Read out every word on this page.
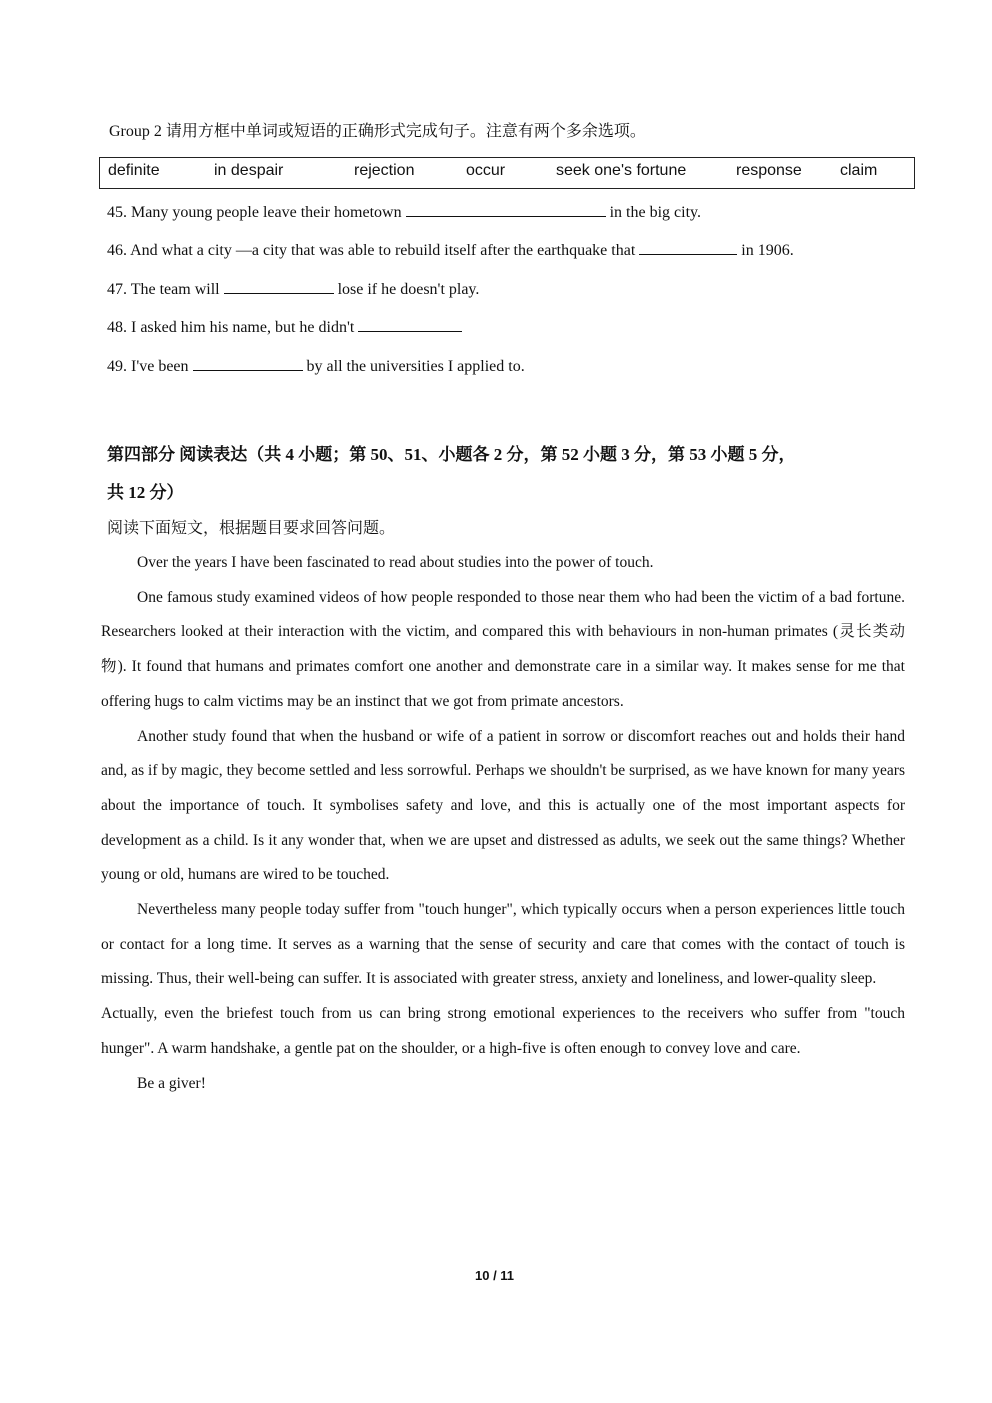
Group 2 请用方框中单词或短语的正确形式完成句子。注意有两个多余选项。
definite	in despair	rejection	occur	seek one's fortune	response claim
45. Many young people leave their hometown	in the big city.
46. And what a city —a city that was able to rebuild itself after the earthquake that	in 1906.
47. The team will	lose if he doesn't play.
48. I asked him his name, but he didn't
49. I've been	by all the universities I applied to.
第四部分 阅读表达（共 4 小题；第 50、51、小题各 2 分，第 52 小题 3 分，第 53 小题 5 分，
共 12 分）
阅读下面短文，根据题目要求回答问题。

Over the years I have been fascinated to read about studies into the power of touch.

One famous study examined videos of how people responded to those near them who had been the victim of a bad fortune. Researchers looked at their interaction with the victim, and compared this with behaviours in non-human primates (灵长类动物). It found that humans and primates comfort one another and demonstrate care in a similar way. It makes sense for me that offering hugs to calm victims may be an instinct that we got from primate ancestors.

Another study found that when the husband or wife of a patient in sorrow or discomfort reaches out and holds their hand and, as if by magic, they become settled and less sorrowful. Perhaps we shouldn't be surprised, as we have known for many years about the importance of touch. It symbolises safety and love, and this is actually one of the most important aspects for development as a child. Is it any wonder that, when we are upset and distressed as adults, we seek out the same things? Whether young or old, humans are wired to be touched.

Nevertheless many people today suffer from "touch hunger", which typically occurs when a person experiences little touch or contact for a long time. It serves as a warning that the sense of security and care that comes with the contact of touch is missing. Thus, their well-being can suffer. It is associated with greater stress, anxiety and loneliness, and lower-quality sleep.

Actually, even the briefest touch from us can bring strong emotional experiences to the receivers who suffer from "touch hunger". A warm handshake, a gentle pat on the shoulder, or a high-five is often enough to convey love and care.

Be a giver!

10 / 11
